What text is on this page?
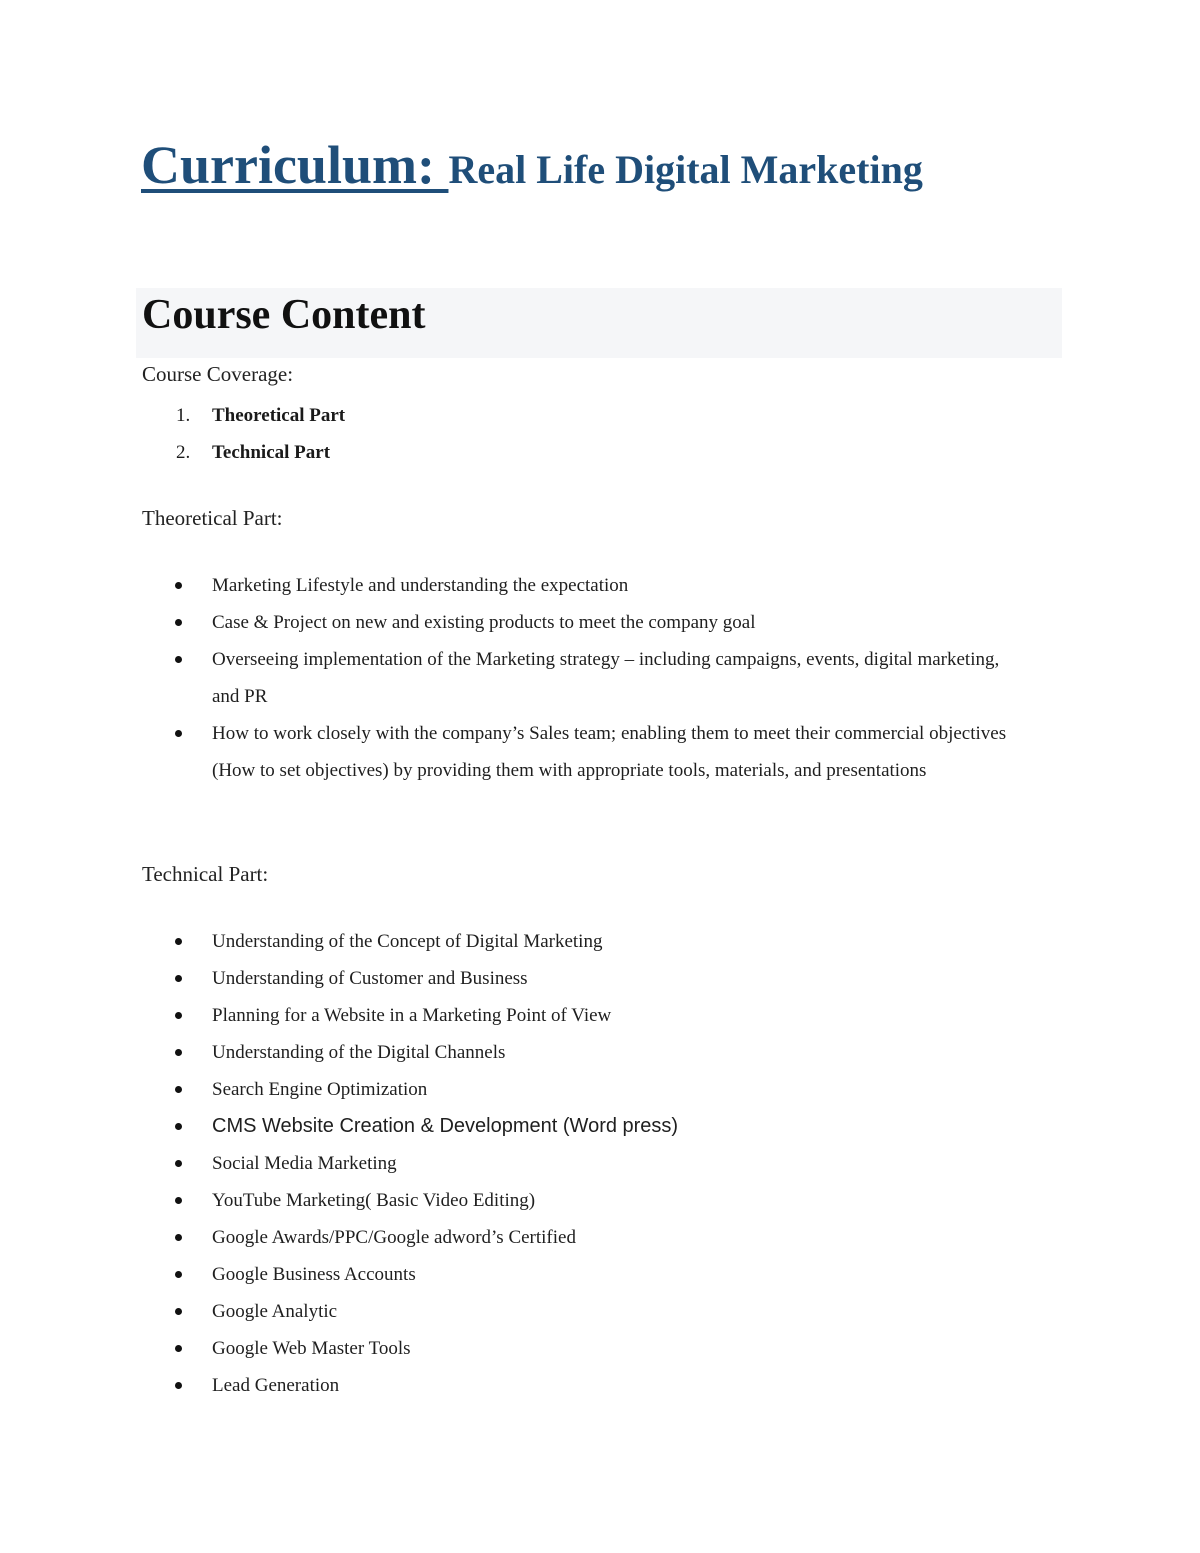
Curriculum: Real Life Digital Marketing
Course Content

Course Coverage:

1. Theoretical Part
2. Technical Part

Theoretical Part:

Marketing Lifestyle and understanding the expectation
Case & Project on new and existing products to meet the company goal
Overseeing implementation of the Marketing strategy – including campaigns, events, digital marketing, and PR
How to work closely with the company’s Sales team; enabling them to meet their commercial objectives (How to set objectives) by providing them with appropriate tools, materials, and presentations

Technical Part:

Understanding of the Concept of Digital Marketing
Understanding of Customer and Business
Planning for a Website in a Marketing Point of View
Understanding of the Digital Channels
Search Engine Optimization
CMS Website Creation & Development (Word press)
Social Media Marketing
YouTube Marketing( Basic Video Editing)
Google Awards/PPC/Google adword’s Certified
Google Business Accounts
Google Analytic
Google Web Master Tools
Lead Generation
